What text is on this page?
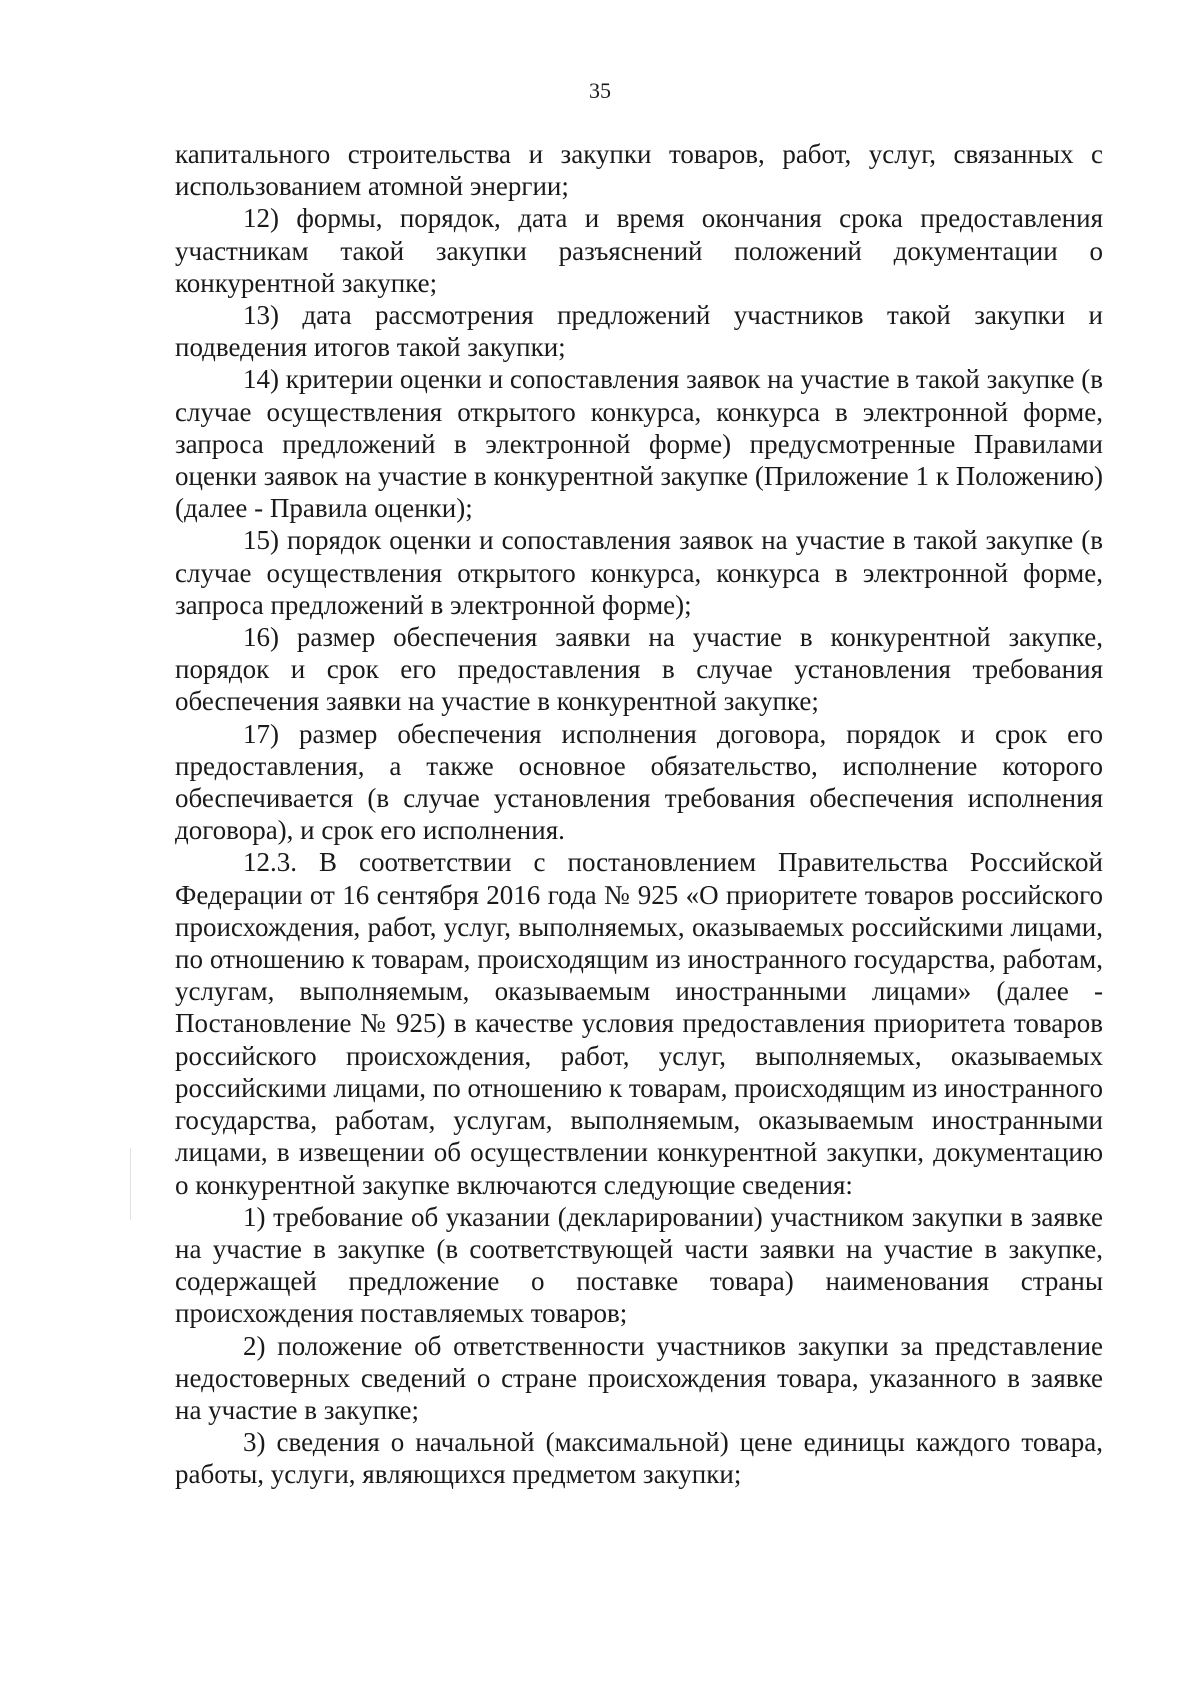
35

капитального строительства и закупки товаров, работ, услуг, связанных с использованием атомной энергии;

12) формы, порядок, дата и время окончания срока предоставления участникам такой закупки разъяснений положений документации о конкурентной закупке;

13) дата рассмотрения предложений участников такой закупки и подведения итогов такой закупки;

14) критерии оценки и сопоставления заявок на участие в такой закупке (в случае осуществления открытого конкурса, конкурса в электронной форме, запроса предложений в электронной форме) предусмотренные Правилами оценки заявок на участие в конкурентной закупке (Приложение 1 к Положению) (далее - Правила оценки);

15) порядок оценки и сопоставления заявок на участие в такой закупке (в случае осуществления открытого конкурса, конкурса в электронной форме, запроса предложений в электронной форме);

16) размер обеспечения заявки на участие в конкурентной закупке, порядок и срок его предоставления в случае установления требования обеспечения заявки на участие в конкурентной закупке;

17) размер обеспечения исполнения договора, порядок и срок его предоставления, а также основное обязательство, исполнение которого обеспечивается (в случае установления требования обеспечения исполнения договора), и срок его исполнения.

12.3. В соответствии с постановлением Правительства Российской Федерации от 16 сентября 2016 года № 925 «О приоритете товаров российского происхождения, работ, услуг, выполняемых, оказываемых российскими лицами, по отношению к товарам, происходящим из иностранного государства, работам, услугам, выполняемым, оказываемым иностранными лицами» (далее - Постановление № 925) в качестве условия предоставления приоритета товаров российского происхождения, работ, услуг, выполняемых, оказываемых российскими лицами, по отношению к товарам, происходящим из иностранного государства, работам, услугам, выполняемым, оказываемым иностранными лицами, в извещении об осуществлении конкурентной закупки, документацию о конкурентной закупке включаются следующие сведения:

1) требование об указании (декларировании) участником закупки в заявке на участие в закупке (в соответствующей части заявки на участие в закупке, содержащей предложение о поставке товара) наименования страны происхождения поставляемых товаров;

2) положение об ответственности участников закупки за представление недостоверных сведений о стране происхождения товара, указанного в заявке на участие в закупке;

3) сведения о начальной (максимальной) цене единицы каждого товара, работы, услуги, являющихся предметом закупки;
